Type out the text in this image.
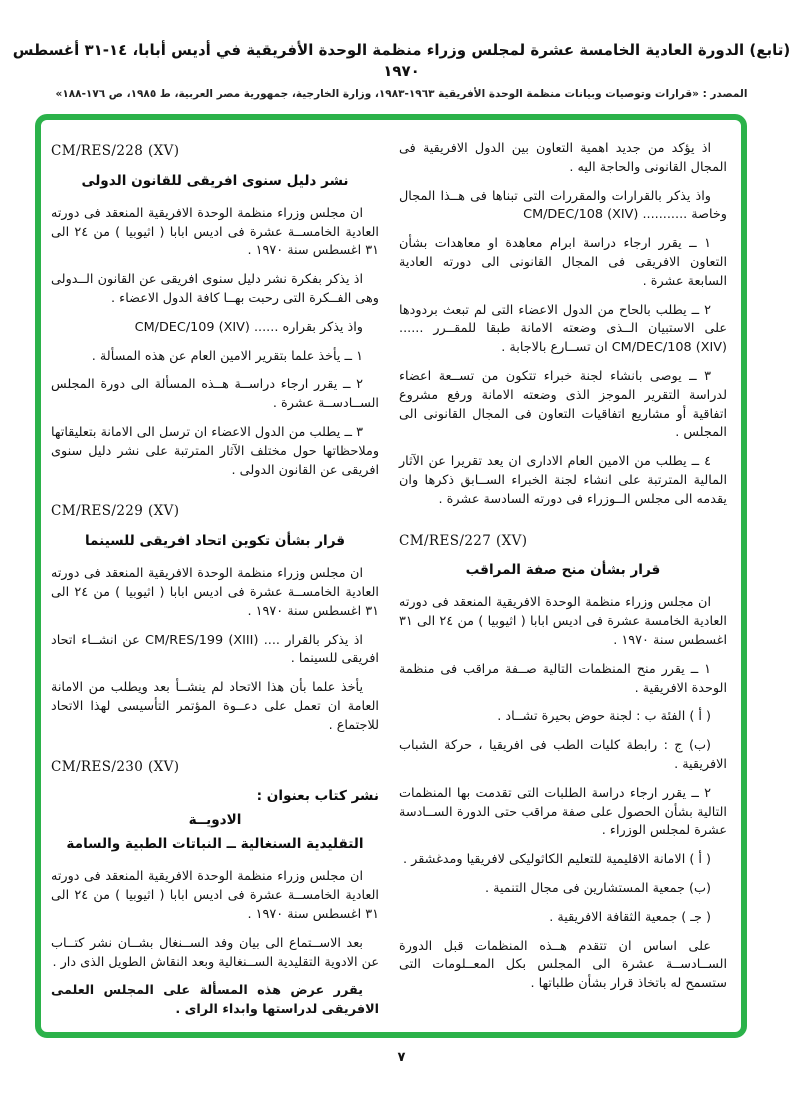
(تابع) الدورة العادية الخامسة عشرة لمجلس وزراء منظمة الوحدة الأفريقية في أديس أبابا، ١٤-٣١ أغسطس ١٩٧٠
المصدر : «قرارات وتوصيات وبيانات منظمة الوحدة الأفريقية ١٩٦٣-١٩٨٣، وزارة الخارجية، جمهورية مصر العربية، ط ١٩٨٥، ص ١٧٦-١٨٨»
اذ يؤكد من جديد اهمية التعاون بين الدول الافريقية فى المجال القانونى والحاجة اليه .
واذ يذكر بالقرارات والمقررات التى تبناها فى هــذا المجال وخاصة ........... CM/DEC/108 (XIV)
١ ــ يقرر ارجاء دراسة ابرام معاهدة او معاهدات بشأن التعاون الافريقى فى المجال القانونى الى دورته العادية السابعة عشرة .
٢ ــ يطلب بالحاح من الدول الاعضاء التى لم تبعث بردودها على الاستبيان الــذى وضعته الامانة طبقا للمقــرر ...... CM/DEC/108 (XIV) ان تســارع بالاجابة .
٣ ــ يوصى بانشاء لجنة خبراء تتكون من تســعة اعضاء لدراسة التقرير الموجز الذى وضعته الامانة ورفع مشروع اتفاقية أو مشاريع اتفاقيات التعاون فى المجال القانونى الى المجلس .
٤ ــ يطلب من الامين العام الادارى ان يعد تقريرا عن الآثار المالية المترتبة على انشاء لجنة الخبراء الســابق ذكرها وان يقدمه الى مجلس الــوزراء فى دورته السادسة عشرة .
CM/RES/227 (XV)
قرار بشأن منح صفة المراقب
ان مجلس وزراء منظمة الوحدة الافريقية المنعقد فى دورته العادية الخامسة عشرة فى اديس ابابا ( اثيوبيا ) من ٢٤ الى ٣١ اغسطس سنة ١٩٧٠ .
١ ــ يقرر منح المنظمات التالية صــفة مراقب فى منظمة الوحدة الافريقية .
( أ ) الفئة ب : لجنة حوض بحيرة تشــاد .
(ب) ج : رابطة كليات الطب فى افريقيا ، حركة الشباب الافريقية .
٢ ــ يقرر ارجاء دراسة الطلبات التى تقدمت بها المنظمات التالية بشأن الحصول على صفة مراقب حتى الدورة الســادسة عشرة لمجلس الوزراء .
( أ ) الامانة الاقليمية للتعليم الكاثوليكى لافريقيا ومدغشقر .
(ب) جمعية المستشارين فى مجال التنمية .
( جـ ) جمعية الثقافة الافريقية .
على اساس ان تتقدم هــذه المنظمات قبل الدورة الســادســة عشرة الى المجلس بكل المعــلومات التى ستسمح له باتخاذ قرار بشأن طلباتها .
CM/RES/228 (XV)
نشر دليل سنوى افريقى للقانون الدولى
ان مجلس وزراء منظمة الوحدة الافريقية المنعقد فى دورته العادية الخامســة عشرة فى اديس ابابا ( اثيوبيا ) من ٢٤ الى ٣١ اغسطس سنة ١٩٧٠ .
اذ يذكر بفكرة نشر دليل سنوى افريقى عن القانون الــدولى وهى الفــكرة التى رحبت بهــا كافة الدول الاعضاء .
واذ يذكر بقراره ...... CM/DEC/109 (XIV)
١ ــ يأخذ علما بتقرير الامين العام عن هذه المسألة .
٢ ــ يقرر ارجاء دراســة هــذه المسألة الى دورة المجلس الســادســة عشرة .
٣ ــ يطلب من الدول الاعضاء ان ترسل الى الامانة بتعليقاتها وملاحظاتها حول مختلف الآثار المترتبة على نشر دليل سنوى افريقى عن القانون الدولى .
CM/RES/229 (XV)
قرار بشأن تكوين اتحاد افريقى للسينما
ان مجلس وزراء منظمة الوحدة الافريقية المنعقد فى دورته العادية الخامســة عشرة فى اديس ابابا ( اثيوبيا ) من ٢٤ الى ٣١ اغسطس سنة ١٩٧٠ .
اذ يذكر بالقرار .... CM/RES/199 (XIII) عن انشــاء اتحاد افريقى للسينما .
يأخذ علما بأن هذا الاتحاد لم ينشــأ بعد ويطلب من الامانة العامة ان تعمل على دعــوة المؤتمر التأسيسى لهذا الاتحاد للاجتماع .
CM/RES/230 (XV)
نشر كتاب بعنوان :
الادويــة
التقليدية السنغالية ــ النباتات الطبية والسامة
ان مجلس وزراء منظمة الوحدة الافريقية المنعقد فى دورته العادية الخامســة عشرة فى اديس ابابا ( اثيوبيا ) من ٢٤ الى ٣١ اغسطس سنة ١٩٧٠ .
بعد الاســتماع الى بيان وفد الســنغال بشــان نشر كتــاب عن الادوية التقليدية الســنغالية وبعد النقاش الطويل الذى دار .
يقرر عرض هذه المسألة على المجلس العلمى الافريقى لدراستها وابداء الراى .
٧
